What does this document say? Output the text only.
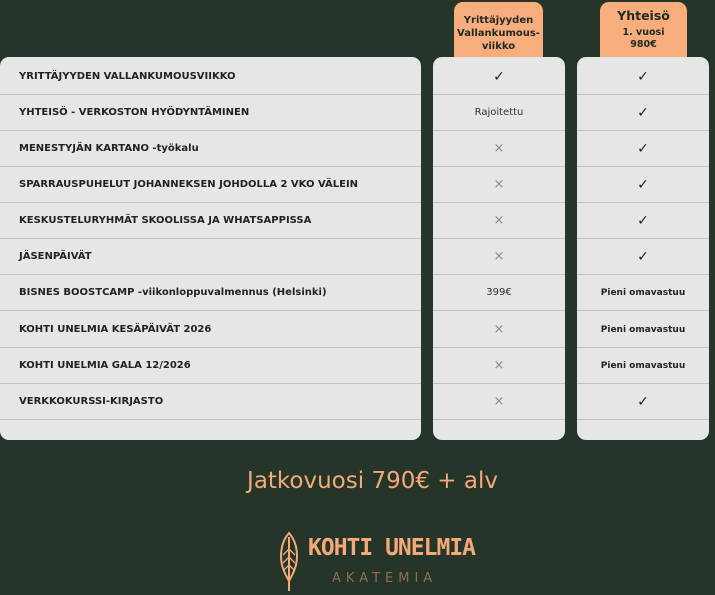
Yrittäjyyden
Vallankumous-
viikko
Yhteisö
1. vuosi
980€
YRITTÄJYYDEN VALLANKUMOUSVIIKKO
YHTEISÖ - VERKOSTON HYÖDYNTÄMINEN
MENESTYJÄN KARTANO -työkalu
SPARRAUSPUHELUT JOHANNEKSEN JOHDOLLA 2 VKO VÄLEIN
KESKUSTELURYHMÄT SKOOLISSA JA WHATSAPPISSA
JÄSENPÄIVÄT
BISNES BOOSTCAMP -viikonloppuvalmennus (Helsinki)
KOHTI UNELMIA KESÄPÄIVÄT 2026
KOHTI UNELMIA GALA 12/2026
VERKKOKURSSI-KIRJASTO
✓
Rajoitettu
×
×
×
×
399€
×
×
×
✓
✓
✓
✓
✓
✓
Pieni omavastuu
Pieni omavastuu
Pieni omavastuu
✓
Jatkovuosi 790€ + alv
KOHTI UNELMIA
AKATEMIA
